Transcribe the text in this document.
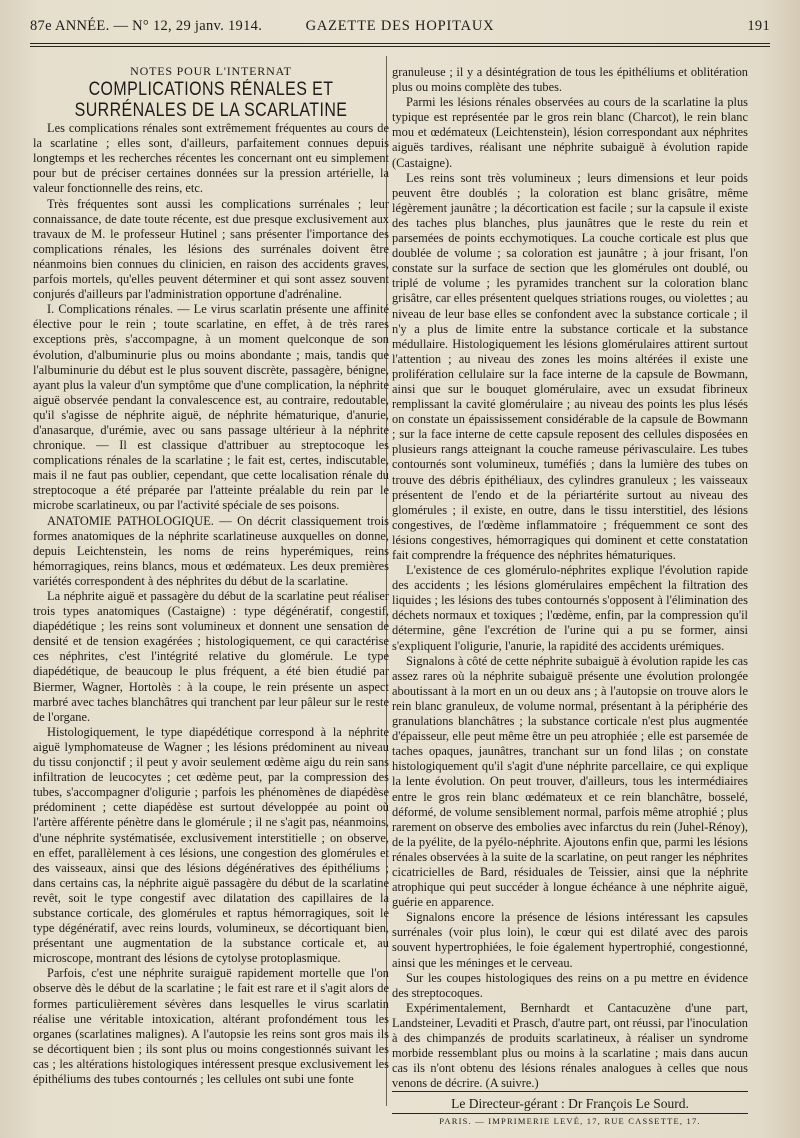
87e ANNÉE. — N° 12, 29 janv. 1914.	GAZETTE DES HOPITAUX	191

NOTES POUR L'INTERNAT

COMPLICATIONS RÉNALES ET SURRÉNALES DE LA SCARLATINE

Les complications rénales sont extrêmement fréquentes au cours de la scarlatine ; elles sont, d'ailleurs, parfaitement connues depuis longtemps et les recherches récentes les concernant ont eu simplement pour but de préciser certaines données sur la pression artérielle, la valeur fonctionnelle des reins, etc.

Très fréquentes sont aussi les complications surrénales ; leur connaissance, de date toute récente, est due presque exclusivement aux travaux de M. le professeur Hutinel ; sans présenter l'importance des complications rénales, les lésions des surrénales doivent être néanmoins bien connues du clinicien, en raison des accidents graves, parfois mortels, qu'elles peuvent déterminer et qui sont assez souvent conjurés d'ailleurs par l'administration opportune d'adrénaline.

I. Complications rénales. — Le virus scarlatin présente une affinité élective pour le rein ; toute scarlatine, en effet, à de très rares exceptions près, s'accompagne, à un moment quelconque de son évolution, d'albuminurie plus ou moins abondante ; mais, tandis que l'albuminurie du début est le plus souvent discrète, passagère, bénigne, ayant plus la valeur d'un symptôme que d'une complication, la néphrite aiguë observée pendant la convalescence est, au contraire, redoutable, qu'il s'agisse de néphrite aiguë, de néphrite hématurique, d'anurie, d'anasarque, d'urémie, avec ou sans passage ultérieur à la néphrite chronique. — Il est classique d'attribuer au streptocoque les complications rénales de la scarlatine ; le fait est, certes, indiscutable, mais il ne faut pas oublier, cependant, que cette localisation rénale du streptocoque a été préparée par l'atteinte préalable du rein par le microbe scarlatineux, ou par l'activité spéciale de ses poisons.

ANATOMIE PATHOLOGIQUE. — On décrit classiquement trois formes anatomiques de la néphrite scarlatineuse auxquelles on donne, depuis Leichtenstein, les noms de reins hyperémiques, reins hémorragiques, reins blancs, mous et œdémateux. Les deux premières variétés correspondent à des néphrites du début de la scarlatine.

La néphrite aiguë et passagère du début de la scarlatine peut réaliser trois types anatomiques (Castaigne) : type dégénératif, congestif, diapédétique ; les reins sont volumineux et donnent une sensation de densité et de tension exagérées ; histologiquement, ce qui caractérise ces néphrites, c'est l'intégrité relative du glomérule. Le type diapédétique, de beaucoup le plus fréquent, a été bien étudié par Biermer, Wagner, Hortolès : à la coupe, le rein présente un aspect marbré avec taches blanchâtres qui tranchent par leur pâleur sur le reste de l'organe.

Histologiquement, le type diapédétique correspond à la néphrite aiguë lymphomateuse de Wagner ; les lésions prédominent au niveau du tissu conjonctif ; il peut y avoir seulement œdème aigu du rein sans infiltration de leucocytes ; cet œdème peut, par la compression des tubes, s'accompagner d'oligurie ; parfois les phénomènes de diapédèse prédominent ; cette diapédèse est surtout développée au point où l'artère afférente pénètre dans le glomérule ; il ne s'agit pas, néanmoins, d'une néphrite systématisée, exclusivement interstitielle ; on observe, en effet, parallèlement à ces lésions, une congestion des glomérules et des vaisseaux, ainsi que des lésions dégénératives des épithéliums ; dans certains cas, la néphrite aiguë passagère du début de la scarlatine revêt, soit le type congestif avec dilatation des capillaires de la substance corticale, des glomérules et raptus hémorragiques, soit le type dégénératif, avec reins lourds, volumineux, se décortiquant bien, présentant une augmentation de la substance corticale et, au microscope, montrant des lésions de cytolyse protoplasmique.

Parfois, c'est une néphrite suraiguë rapidement mortelle que l'on observe dès le début de la scarlatine ; le fait est rare et il s'agit alors de formes particulièrement sévères dans lesquelles le virus scarlatin réalise une véritable intoxication, altérant profondément tous les organes (scarlatines malignes). A l'autopsie les reins sont gros mais ils se décortiquent bien ; ils sont plus ou moins congestionnés suivant les cas ; les altérations histologiques intéressent presque exclusivement les épithéliums des tubes contournés ; les cellules ont subi une fonte

granuleuse ; il y a désintégration de tous les épithéliums et oblitération plus ou moins complète des tubes.

Parmi les lésions rénales observées au cours de la scarlatine la plus typique est représentée par le gros rein blanc (Charcot), le rein blanc mou et œdémateux (Leichtenstein), lésion correspondant aux néphrites aiguës tardives, réalisant une néphrite subaiguë à évolution rapide (Castaigne).

Les reins sont très volumineux ; leurs dimensions et leur poids peuvent être doublés ; la coloration est blanc grisâtre, même légèrement jaunâtre ; la décortication est facile ; sur la capsule il existe des taches plus blanches, plus jaunâtres que le reste du rein et parsemées de points ecchymotiques. La couche corticale est plus que doublée de volume ; sa coloration est jaunâtre ; à jour frisant, l'on constate sur la surface de section que les glomérules ont doublé, ou triplé de volume ; les pyramides tranchent sur la coloration blanc grisâtre, car elles présentent quelques striations rouges, ou violettes ; au niveau de leur base elles se confondent avec la substance corticale ; il n'y a plus de limite entre la substance corticale et la substance médullaire. Histologiquement les lésions glomérulaires attirent surtout l'attention ; au niveau des zones les moins altérées il existe une prolifération cellulaire sur la face interne de la capsule de Bowmann, ainsi que sur le bouquet glomérulaire, avec un exsudat fibrineux remplissant la cavité glomérulaire ; au niveau des points les plus lésés on constate un épaississement considérable de la capsule de Bowmann ; sur la face interne de cette capsule reposent des cellules disposées en plusieurs rangs atteignant la couche rameuse périvasculaire. Les tubes contournés sont volumineux, tuméfiés ; dans la lumière des tubes on trouve des débris épithéliaux, des cylindres granuleux ; les vaisseaux présentent de l'endo et de la périartérite surtout au niveau des glomérules ; il existe, en outre, dans le tissu interstitiel, des lésions congestives, de l'œdème inflammatoire ; fréquemment ce sont des lésions congestives, hémorragiques qui dominent et cette constatation fait comprendre la fréquence des néphrites hématuriques.

L'existence de ces glomérulo-néphrites explique l'évolution rapide des accidents ; les lésions glomérulaires empêchent la filtration des liquides ; les lésions des tubes contournés s'opposent à l'élimination des déchets normaux et toxiques ; l'œdème, enfin, par la compression qu'il détermine, gêne l'excrétion de l'urine qui a pu se former, ainsi s'expliquent l'oligurie, l'anurie, la rapidité des accidents urémiques.

Signalons à côté de cette néphrite subaiguë à évolution rapide les cas assez rares où la néphrite subaiguë présente une évolution prolongée aboutissant à la mort en un ou deux ans ; à l'autopsie on trouve alors le rein blanc granuleux, de volume normal, présentant à la périphérie des granulations blanchâtres ; la substance corticale n'est plus augmentée d'épaisseur, elle peut même être un peu atrophiée ; elle est parsemée de taches opaques, jaunâtres, tranchant sur un fond lilas ; on constate histologiquement qu'il s'agit d'une néphrite parcellaire, ce qui explique la lente évolution. On peut trouver, d'ailleurs, tous les intermédiaires entre le gros rein blanc œdémateux et ce rein blanchâtre, bosselé, déformé, de volume sensiblement normal, parfois même atrophié ; plus rarement on observe des embolies avec infarctus du rein (Juhel-Rénoy), de la pyélite, de la pyélo-néphrite. Ajoutons enfin que, parmi les lésions rénales observées à la suite de la scarlatine, on peut ranger les néphrites cicatricielles de Bard, résiduales de Teissier, ainsi que la néphrite atrophique qui peut succéder à longue échéance à une néphrite aiguë, guérie en apparence.

Signalons encore la présence de lésions intéressant les capsules surrénales (voir plus loin), le cœur qui est dilaté avec des parois souvent hypertrophiées, le foie également hypertrophié, congestionné, ainsi que les méninges et le cerveau.

Sur les coupes histologiques des reins on a pu mettre en évidence des streptocoques.

Expérimentalement, Bernhardt et Cantacuzène d'une part, Landsteiner, Levaditi et Prasch, d'autre part, ont réussi, par l'inoculation à des chimpanzés de produits scarlatineux, à réaliser un syndrome morbide ressemblant plus ou moins à la scarlatine ; mais dans aucun cas ils n'ont obtenu des lésions rénales analogues à celles que nous venons de décrire. (A suivre.)

Le Directeur-gérant : Dr François Le Sourd.

PARIS. — IMPRIMERIE LEVÉ, 17, RUE CASSETTE, 17.
